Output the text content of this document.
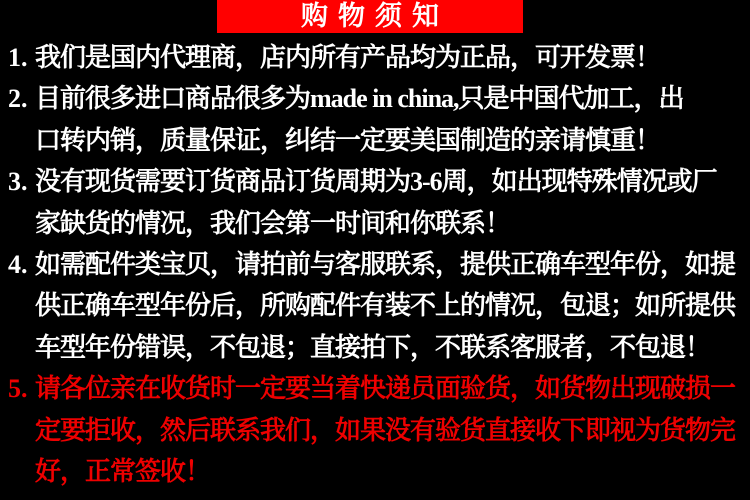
购物须知
1. 我们是国内代理商，店内所有产品均为正品，可开发票！
2. 目前很多进口商品很多为made in china,只是中国代加工，出
口转内销，质量保证，纠结一定要美国制造的亲请慎重！
3. 没有现货需要订货商品订货周期为3-6周，如出现特殊情况或厂
家缺货的情况，我们会第一时间和你联系！
4. 如需配件类宝贝，请拍前与客服联系，提供正确车型年份，如提
供正确车型年份后，所购配件有装不上的情况，包退；如所提供
车型年份错误，不包退；直接拍下，不联系客服者，不包退！
5. 请各位亲在收货时一定要当着快递员面验货，如货物出现破损一
定要拒收，然后联系我们，如果没有验货直接收下即视为货物完
好，正常签收！
